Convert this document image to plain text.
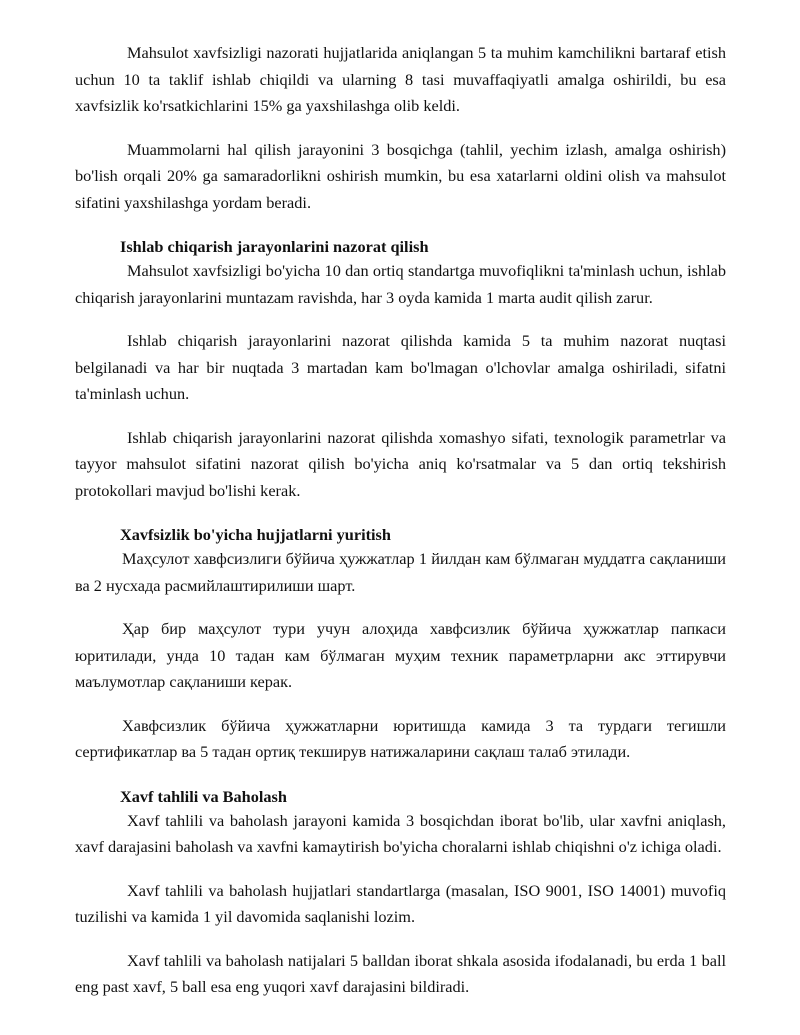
Mahsulot xavfsizligi nazorati hujjatlarida aniqlangan 5 ta muhim kamchilikni bartaraf etish uchun 10 ta taklif ishlab chiqildi va ularning 8 tasi muvaffaqiyatli amalga oshirildi, bu esa xavfsizlik ko'rsatkichlarini 15% ga yaxshilashga olib keldi.

Muammolarni hal qilish jarayonini 3 bosqichga (tahlil, yechim izlash, amalga oshirish) bo'lish orqali 20% ga samaradorlikni oshirish mumkin, bu esa xatarlarni oldini olish va mahsulot sifatini yaxshilashga yordam beradi.

Ishlab chiqarish jarayonlarini nazorat qilish

Mahsulot xavfsizligi bo'yicha 10 dan ortiq standartga muvofiqlikni ta'minlash uchun, ishlab chiqarish jarayonlarini muntazam ravishda, har 3 oyda kamida 1 marta audit qilish zarur.

Ishlab chiqarish jarayonlarini nazorat qilishda kamida 5 ta muhim nazorat nuqtasi belgilanadi va har bir nuqtada 3 martadan kam bo'lmagan o'lchovlar amalga oshiriladi, sifatni ta'minlash uchun.

Ishlab chiqarish jarayonlarini nazorat qilishda xomashyo sifati, texnologik parametrlar va tayyor mahsulot sifatini nazorat qilish bo'yicha aniq ko'rsatmalar va 5 dan ortiq tekshirish protokollari mavjud bo'lishi kerak.

Xavfsizlik bo'yicha hujjatlarni yuritish

Маҳсулот хавфсизлиги бўйича ҳужжатлар 1 йилдан кам бўлмаган муддатга сақланиши ва 2 нусхада расмийлаштирилиши шарт.

Ҳар бир маҳсулот тури учун алоҳида хавфсизлик бўйича ҳужжатлар папкаси юритилади, унда 10 тадан кам бўлмаган муҳим техник параметрларни акс эттирувчи маълумотлар сақланиши керак.

Хавфсизлик бўйича ҳужжатларни юритишда камида 3 та турдаги тегишли сертификатлар ва 5 тадан ортиқ текширув натижаларини сақлаш талаб этилади.

Xavf tahlili va Baholash

Xavf tahlili va baholash jarayoni kamida 3 bosqichdan iborat bo'lib, ular xavfni aniqlash, xavf darajasini baholash va xavfni kamaytirish bo'yicha choralarni ishlab chiqishni o'z ichiga oladi.

Xavf tahlili va baholash hujjatlari standartlarga (masalan, ISO 9001, ISO 14001) muvofiq tuzilishi va kamida 1 yil davomida saqlanishi lozim.

Xavf tahlili va baholash natijalari 5 balldan iborat shkala asosida ifodalanadi, bu erda 1 ball eng past xavf, 5 ball esa eng yuqori xavf darajasini bildiradi.
